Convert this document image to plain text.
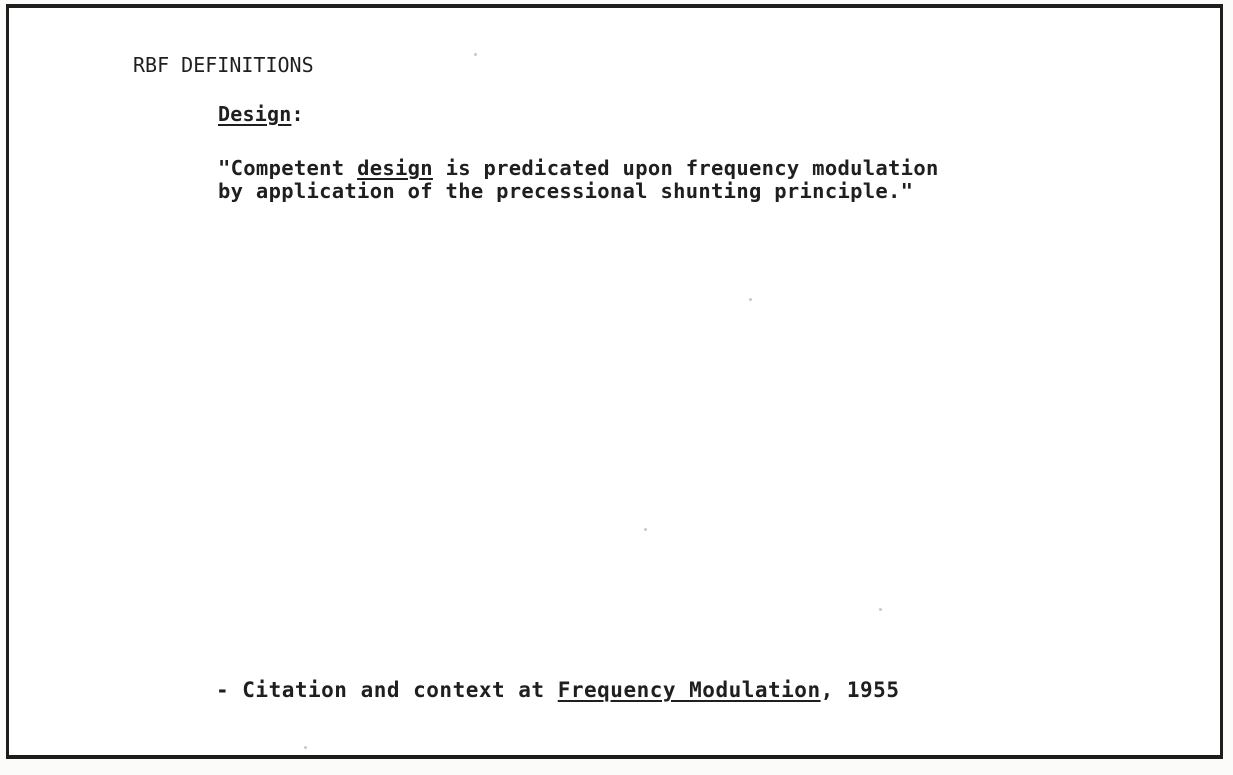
RBF DEFINITIONS
Design:
"Competent design is predicated upon frequency modulation
by application of the precessional shunting principle."
- Citation and context at Frequency Modulation, 1955
